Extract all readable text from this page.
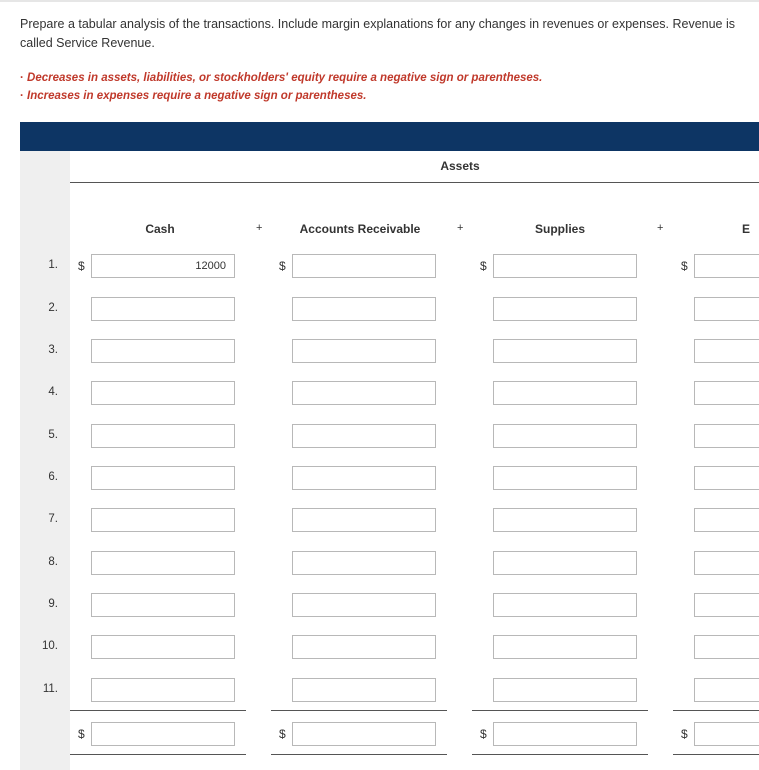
Prepare a tabular analysis of the transactions. Include margin explanations for any changes in revenues or expenses. Revenue is called Service Revenue.
· Decreases in assets, liabilities, or stockholders' equity require a negative sign or parentheses.
· Increases in expenses require a negative sign or parentheses.
Assets
Cash	+	Accounts Receivable	+	Supplies	+	E
1. $	12000	$	$	$
2.
3.
4.
5.
6.
7.
8.
9.
10.
11.
$	$	$	$
